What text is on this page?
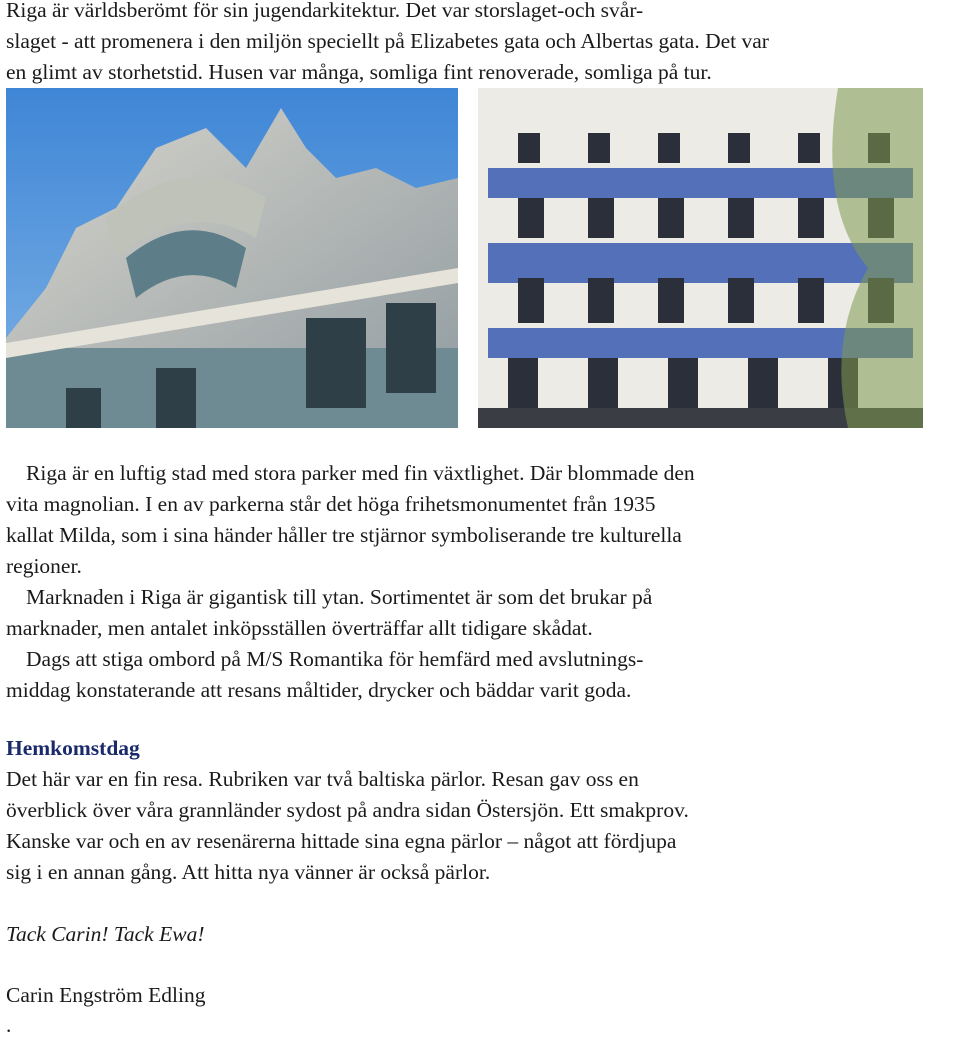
Riga är världsberömt för sin jugendarkitektur. Det var storslaget-och svår-
slaget - att promenera i den miljön speciellt på Elizabetes gata och Albertas gata. Det var
en glimt av storhetstid. Husen var många, somliga fint renoverade, somliga på tur.

Riga är en luftig stad med stora parker med fin växtlighet. Där blommade den
vita magnolian. I en av parkerna står det höga frihetsmonumentet från 1935
kallat Milda, som i sina händer håller tre stjärnor symboliserande tre kulturella
regioner.

Marknaden i Riga är gigantisk till ytan. Sortimentet är som det brukar på
marknader, men antalet inköpsställen överträffar allt tidigare skådat.

Dags att stiga ombord på M/S Romantika för hemfärd med avslutnings-
middag konstaterande att resans måltider, drycker och bäddar varit goda.

Hemkomstdag

Det här var en fin resa. Rubriken var två baltiska pärlor. Resan gav oss en
överblick över våra grannländer sydost på andra sidan Östersjön. Ett smakprov.
Kanske var och en av resenärerna hittade sina egna pärlor – något att fördjupa
sig i en annan gång. Att hitta nya vänner är också pärlor.

Tack Carin! Tack Ewa!

Carin Engström Edling

.
